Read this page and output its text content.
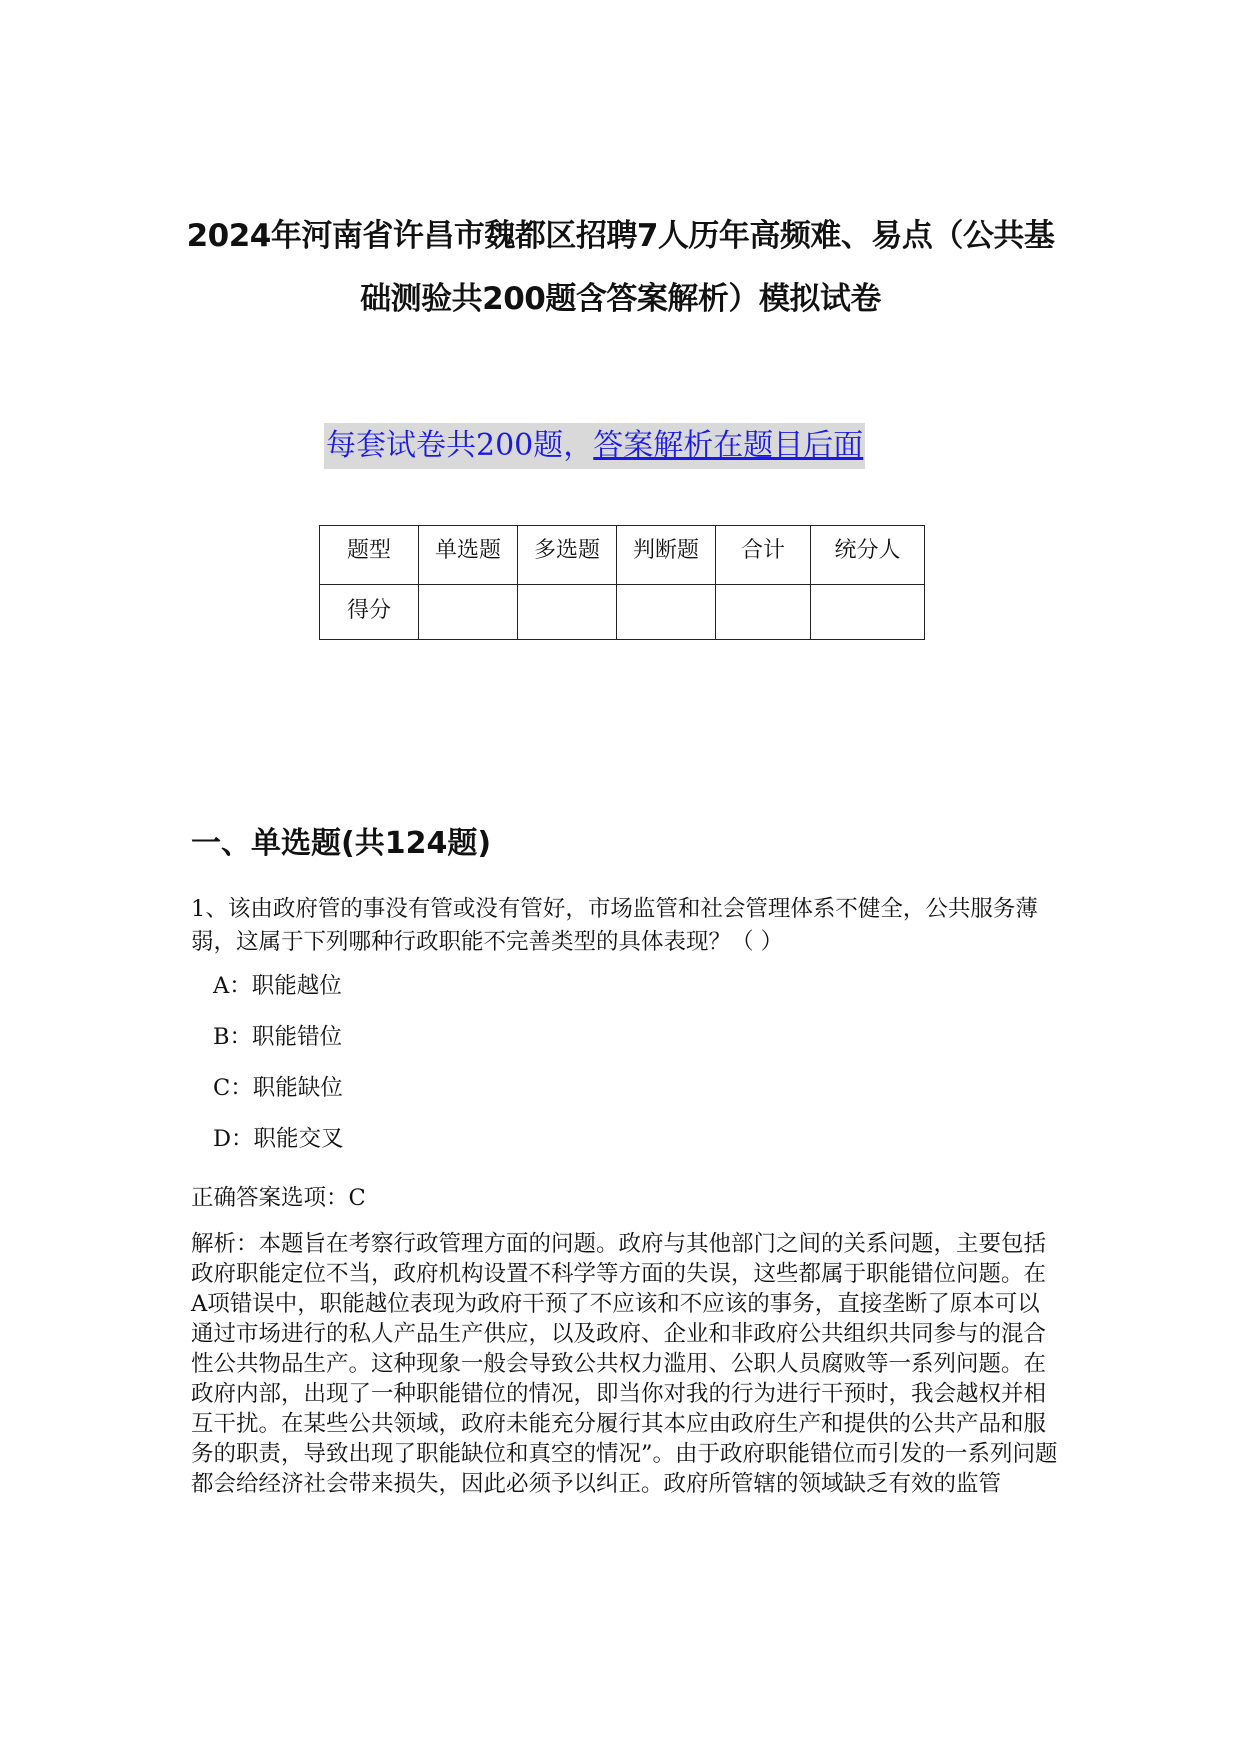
2024年河南省许昌市魏都区招聘7人历年高频难、易点（公共基础测验共200题含答案解析）模拟试卷
每套试卷共200题，答案解析在题目后面
题型	单选题	多选题	判断题	合计	统分人
得分					
一、单选题(共124题)
1、该由政府管的事没有管或没有管好，市场监管和社会管理体系不健全，公共服务薄弱，这属于下列哪种行政职能不完善类型的具体表现？（ ）
A：职能越位
B：职能错位
C：职能缺位
D：职能交叉
正确答案选项：C
解析：本题旨在考察行政管理方面的问题。政府与其他部门之间的关系问题，主要包括政府职能定位不当，政府机构设置不科学等方面的失误，这些都属于职能错位问题。在A项错误中，职能越位表现为政府干预了不应该和不应该的事务，直接垄断了原本可以通过市场进行的私人产品生产供应，以及政府、企业和非政府公共组织共同参与的混合性公共物品生产。这种现象一般会导致公共权力滥用、公职人员腐败等一系列问题。在政府内部，出现了一种职能错位的情况，即当你对我的行为进行干预时，我会越权并相互干扰。在某些公共领域，政府未能充分履行其本应由政府生产和提供的公共产品和服务的职责，导致出现了职能缺位和真空的情况”。由于政府职能错位而引发的一系列问题都会给经济社会带来损失，因此必须予以纠正。政府所管辖的领域缺乏有效的监管
